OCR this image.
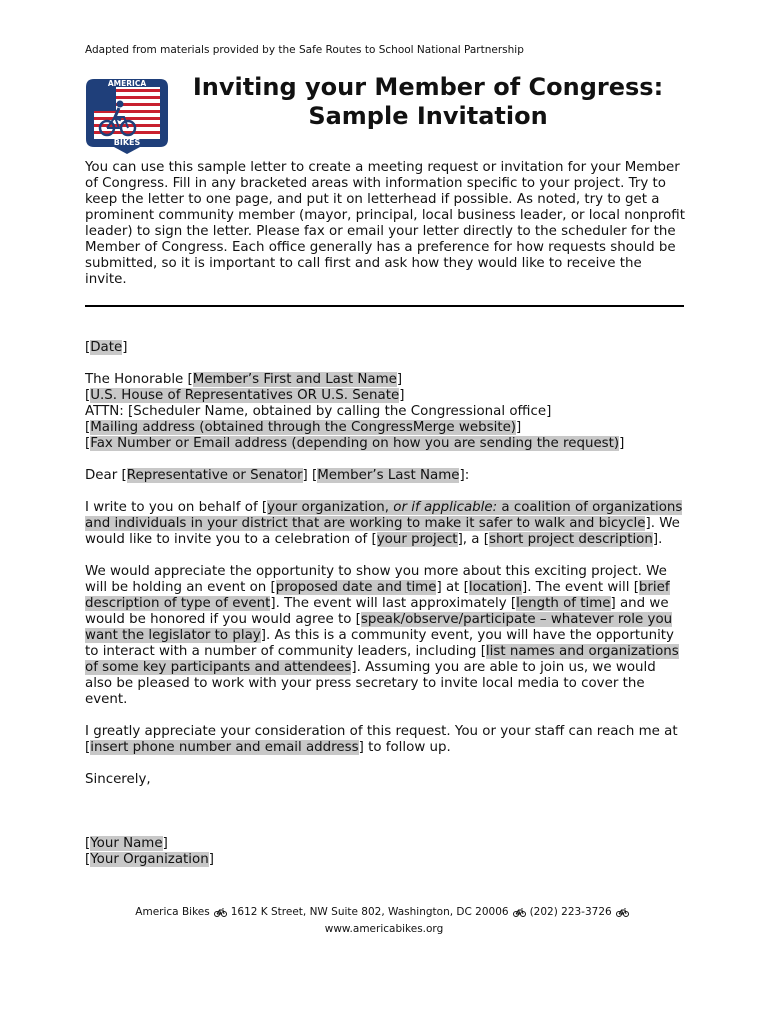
Adapted from materials provided by the Safe Routes to School National Partnership
AMERICA
BIKES
Inviting your Member of Congress:
Sample Invitation
You can use this sample letter to create a meeting request or invitation for your Member of Congress. Fill in any bracketed areas with information specific to your project. Try to keep the letter to one page, and put it on letterhead if possible. As noted, try to get a prominent community member (mayor, principal, local business leader, or local nonprofit leader) to sign the letter. Please fax or email your letter directly to the scheduler for the Member of Congress. Each office generally has a preference for how requests should be submitted, so it is important to call first and ask how they would like to receive the invite.

[Date]

The Honorable [Member’s First and Last Name]
[U.S. House of Representatives OR U.S. Senate]
ATTN: [Scheduler Name, obtained by calling the Congressional office]
[Mailing address (obtained through the CongressMerge website)]
[Fax Number or Email address (depending on how you are sending the request)]

Dear [Representative or Senator] [Member’s Last Name]:

I write to you on behalf of [your organization, or if applicable: a coalition of organizations and individuals in your district that are working to make it safer to walk and bicycle]. We would like to invite you to a celebration of [your project], a [short project description].

We would appreciate the opportunity to show you more about this exciting project. We will be holding an event on [proposed date and time] at [location]. The event will [brief description of type of event]. The event will last approximately [length of time] and we would be honored if you would agree to [speak/observe/participate – whatever role you want the legislator to play]. As this is a community event, you will have the opportunity to interact with a number of community leaders, including [list names and organizations of some key participants and attendees]. Assuming you are able to join us, we would also be pleased to work with your press secretary to invite local media to cover the event.

I greatly appreciate your consideration of this request. You or your staff can reach me at [insert phone number and email address] to follow up.

Sincerely,

[Your Name]
[Your Organization]
America Bikes 1612 K Street, NW Suite 802, Washington, DC 20006 (202) 223-3726
www.americabikes.org
